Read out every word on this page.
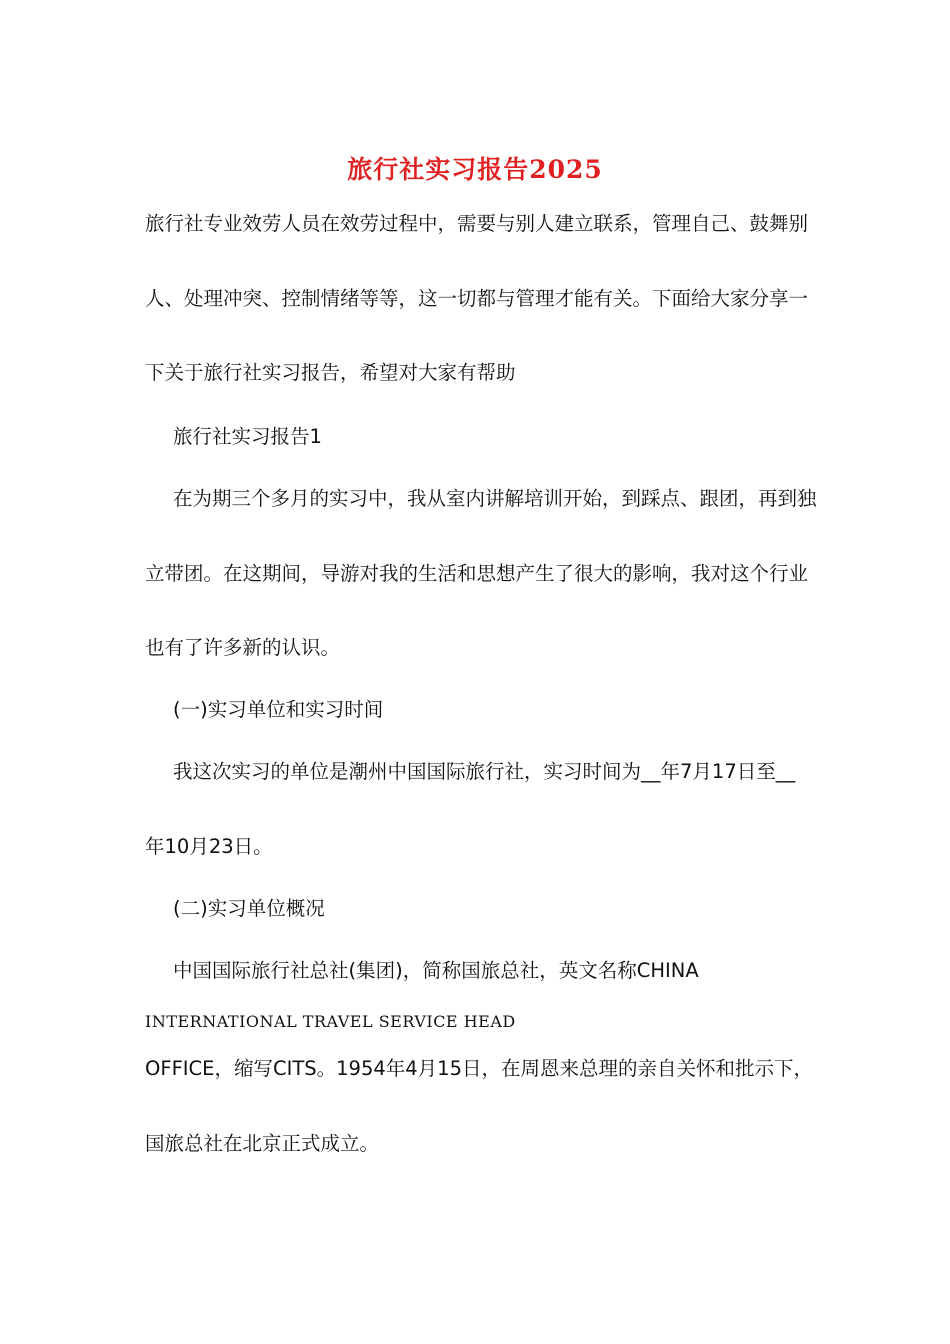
旅行社实习报告2025
旅行社专业效劳人员在效劳过程中，需要与别人建立联系，管理自己、鼓舞别
人、处理冲突、控制情绪等等，这一切都与管理才能有关。下面给大家分享一
下关于旅行社实习报告，希望对大家有帮助
旅行社实习报告1
在为期三个多月的实习中，我从室内讲解培训开始，到踩点、跟团，再到独
立带团。在这期间，导游对我的生活和思想产生了很大的影响，我对这个行业
也有了许多新的认识。
(一)实习单位和实习时间
我这次实习的单位是潮州中国国际旅行社，实习时间为__年7月17日至__
年10月23日。
(二)实习单位概况
中国国际旅行社总社(集团)，简称国旅总社，英文名称CHINA
INTERNATIONAL TRAVEL SERVICE HEAD
OFFICE，缩写CITS。1954年4月15日，在周恩来总理的亲自关怀和批示下，
国旅总社在北京正式成立。
